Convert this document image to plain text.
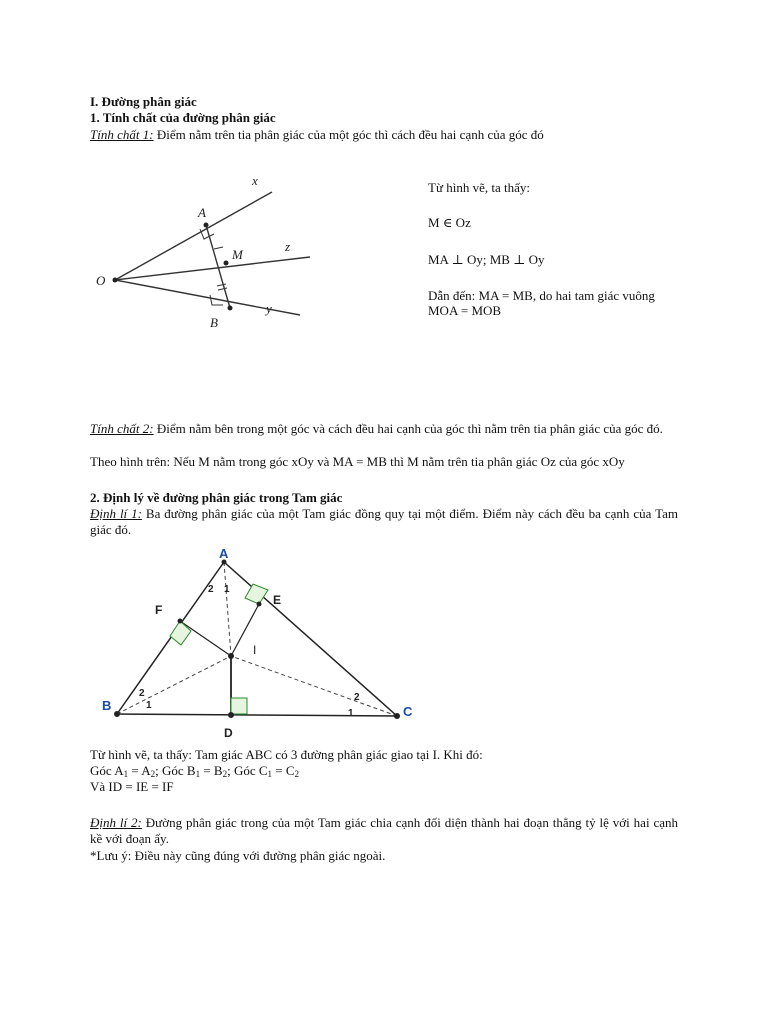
I. Đường phân giác
1. Tính chất của đường phân giác
Tính chất 1: Điểm nằm trên tia phân giác của một góc thì cách đều hai cạnh của góc đó
x
A
M
z
O
B
y
Từ hình vẽ, ta thấy:
M ∈ Oz
MA ⊥ Oy; MB ⊥ Oy
Dẫn đến: MA = MB, do hai tam giác vuông
MOA = MOB
Tính chất 2: Điểm nằm bên trong một góc và cách đều hai cạnh của góc thì nằm trên tia phân giác của góc đó.
Theo hình trên: Nếu M nằm trong góc xOy và MA = MB thì M nằm trên tia phân giác Oz của góc xOy
2. Định lý về đường phân giác trong Tam giác
Định lí 1: Ba đường phân giác của một Tam giác đồng quy tại một điểm. Điểm này cách đều ba cạnh của Tam giác đó.
A
E
F
I
B	C
D
2 1
2
1
2
1
Từ hình vẽ, ta thấy: Tam giác ABC có 3 đường phân giác giao tại I. Khi đó:
Góc $A_1 = A_2$; Góc $B_1 = B_2$; Góc $C_1 = C_2$
Và ID = IE = IF
Định lí 2: Đường phân giác trong của một Tam giác chia cạnh đối diện thành hai đoạn thẳng tỷ lệ với hai cạnh kề với đoạn ấy.
*Lưu ý: Điều này cũng đúng với đường phân giác ngoài.
